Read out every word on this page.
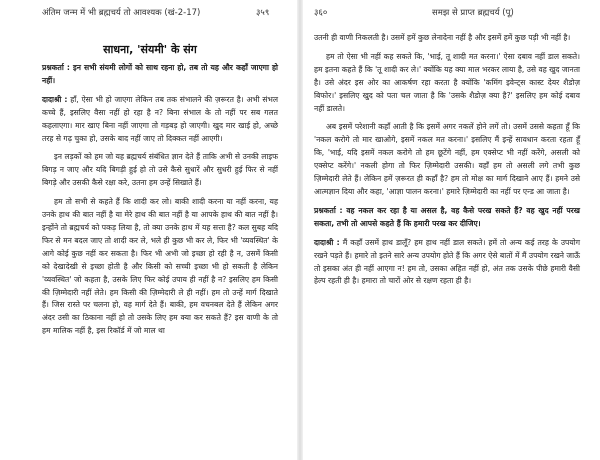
अंतिम जन्म में भी ब्रह्मचर्य तो आवश्यक (खं-2-17)	३५९
साधना, 'संयमी' के संग

प्रश्नकर्ता : इन सभी संयमी लोगों को साथ रहना हो, तब तो यह और कहाँ जाएगा हो नहीं।

दादाश्री : हाँ, ऐसा भी हो जाएगा लेकिन तब तक संभालने की ज़रूरत है। अभी संभल कच्चे हैं, इसलिए वैसा नहीं हो रहा है न? बिना संभाल के तो नहीं पर सब गलत कहलाएगा। मार खाए बिना नहीं जाएगा तो गड़बड़ हो जाएगी। खुद मार खाई हो, अच्छे तरह से गढ़ चुका हो, उसके बाद नहीं जाए तो दिक्कत नहीं आएगी।

इन लड़कों को हम जो यह ब्रह्मचर्य संबंधित ज्ञान देते हैं ताकि अभी से उनकी लाइफ बिगड़ न जाए और यदि बिगड़ी हुई हो तो उसे कैसे सुधारें और सुधरी हुई फिर से नहीं बिगड़े और उसकी कैसे रक्षा करे, उतना हम उन्हें सिखाते हैं।

हम तो सभी से कहते हैं कि शादी कर लो। बाकी शादी करना या नहीं करना, यह उनके हाथ की बात नहीं है या मेरे हाथ की बात नहीं है या आपके हाथ की बात नहीं है। इन्होंने तो ब्रह्मचर्य को पकड़ लिया है, तो क्या उनके हाथ में यह सत्ता है? कल सुबह यदि फिर से मन बदल जाए तो शादी कर ले, भले ही कुछ भी कर ले, फिर भी 'व्यवस्थित' के आगे कोई कुछ नहीं कर सकता है। फिर भी अभी जो इच्छा हो रही है न, उसमें किसी को देखादेखी से इच्छा होती है और किसी को सच्ची इच्छा भी हो सकती है लेकिन 'व्यवस्थित' जो कहता है, उसके लिए फिर कोई उपाय ही नहीं है न? इसलिए हम किसी की ज़िम्मेदारी नहीं लेते। हम किसी की ज़िम्मेदारी ले ही नहीं। हम तो उन्हें मार्ग दिखाते हैं। जिस रास्ते पर चलना हो, वह मार्ग देते हैं। बाकी, हम वचनबल देते हैं लेकिन अगर अंदर उसी का ठिकाना नहीं हो तो उसके लिए हम क्या कर सकते हैं? इस वाणी के तो हम मालिक नहीं है, इस रिकॉर्ड में जो माल था

३६०	समझ से प्राप्त ब्रह्मचर्य (पू)

उतनी ही वाणी निकलती है। उसमें हमें कुछ लेनादेना नहीं है और इसमें हमें कुछ पड़ी भी नहीं है।

हम तो ऐसा भी नहीं कह सकते कि, 'भाई, तू शादी मत करना।' ऐसा दबाव नहीं डाल सकते। हम इतना कहते हैं कि 'तू शादी कर ले।' क्योंकि यह क्या माल भरकर लाया है, उसे वह खुद जानता है। उसे अंदर इस ओर का आकर्षण रहा करता है क्योंकि 'कमिंग इवेन्ट्स कास्ट देयर शैडोज़ बिफोर।' इसलिए खुद को पता चल जाता है कि 'उसके शैडोज़ क्या है?' इसलिए हम कोई दबाव नहीं डालते।

अब इसमें परेशानी कहाँ आती है कि इसमें अगर नकलें होने लगें तो। उसमें उससे कहता हूँ कि 'नकल करोगे तो मार खाओगे, इसमें नकल मत करना।' इसलिए मैं इन्हें सावधान करता रहता हूँ कि, 'भाई, यदि इसमें नकल करोगे तो हम छूटेंगे नहीं, हम एक्सेप्ट भी नहीं करेंगे, असली को एक्सेप्ट करेंगे।' नकली होगा तो फिर ज़िम्मेदारी उसकी। वहाँ हम तो असली लगे तभी कुछ ज़िम्मेदारी लेते हैं। लेकिन हमें ज़रूरत ही कहाँ है? हम तो मोक्ष का मार्ग दिखाने आए हैं। हमने उसे आत्मज्ञान दिया और कहा, 'आज्ञा पालन करना।' हमारे ज़िम्मेदारी का नहीं पर एन्ड आ जाता है।

प्रश्नकर्ता : वह नकल कर रहा है या असल है, वह कैसे परख सकते हैं? वह खुद नहीं परख सकता, तभी तो आपसे कहते हैं कि हमारी परख कर दीजिए।

दादाश्री : मैं कहाँ उसमें हाथ डालूँ? हम हाथ नहीं डाल सकते। हमें तो अन्य कई तरह के उपयोग रखने पड़ते हैं। हमारे तो इतने सारे अन्य उपयोग होते हैं कि अगर ऐसे बातों में मैं उपयोग रखने जाऊँ तो इसका अंत ही नहीं आएगा न! हम तो, उसका अहित नहीं हो, अंत तक उसके पीछे हमारी वैसी हेल्प रहती ही है। हमारा तो चारों ओर से रक्षण रहता ही है।
